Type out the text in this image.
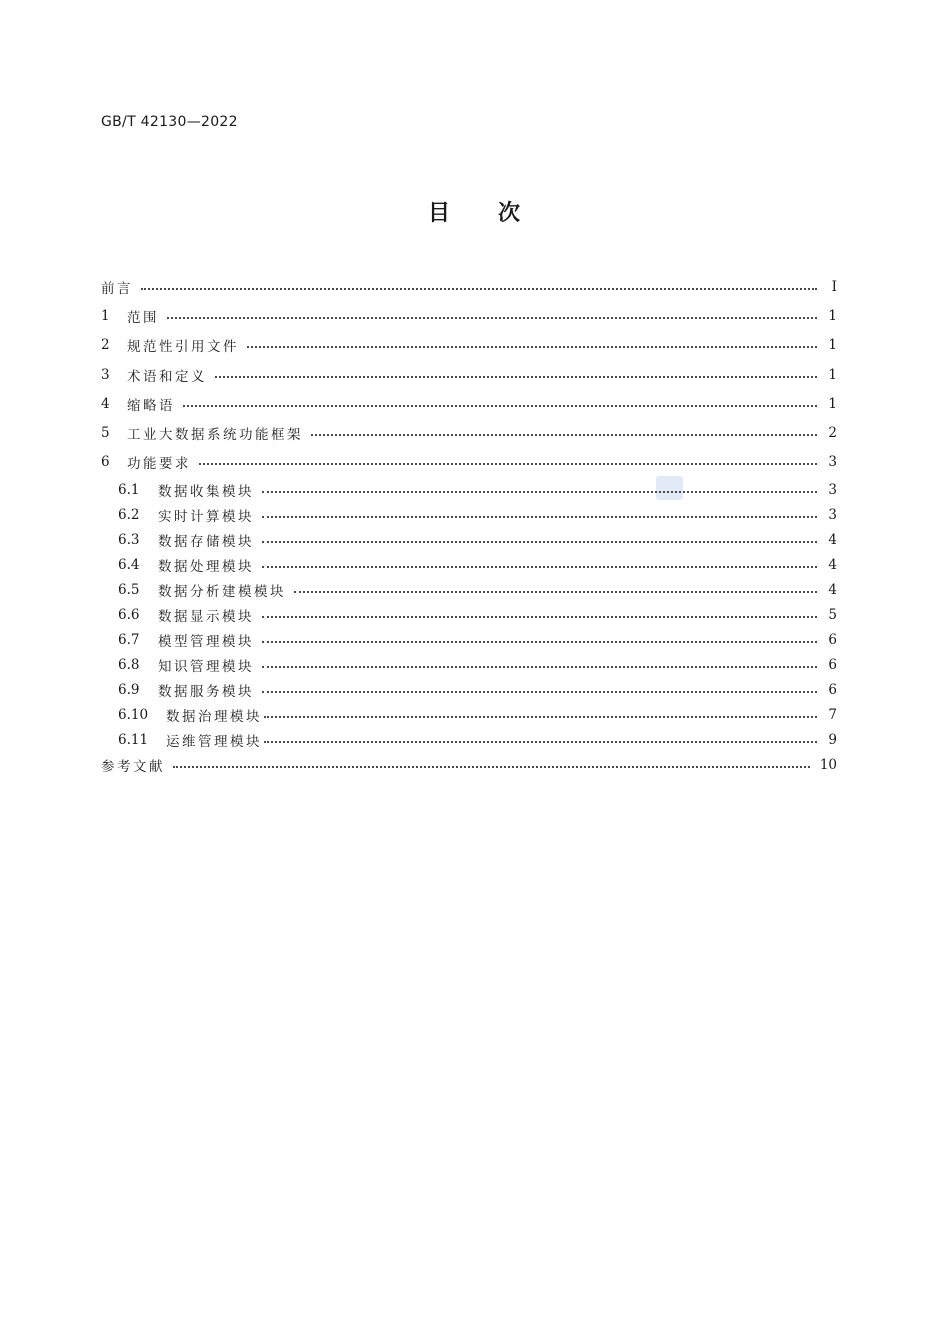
GB/T 42130—2022
目 次
前言	Ⅰ
1	范围	1
2	规范性引用文件	1
3	术语和定义	1
4	缩略语	1
5	工业大数据系统功能框架	2
6	功能要求	3
6.1	数据收集模块	3
6.2	实时计算模块	3
6.3	数据存储模块	4
6.4	数据处理模块	4
6.5	数据分析建模模块	4
6.6	数据显示模块	5
6.7	模型管理模块	6
6.8	知识管理模块	6
6.9	数据服务模块	6
6.10	数据治理模块	7
6.11	运维管理模块	9
参考文献	10
